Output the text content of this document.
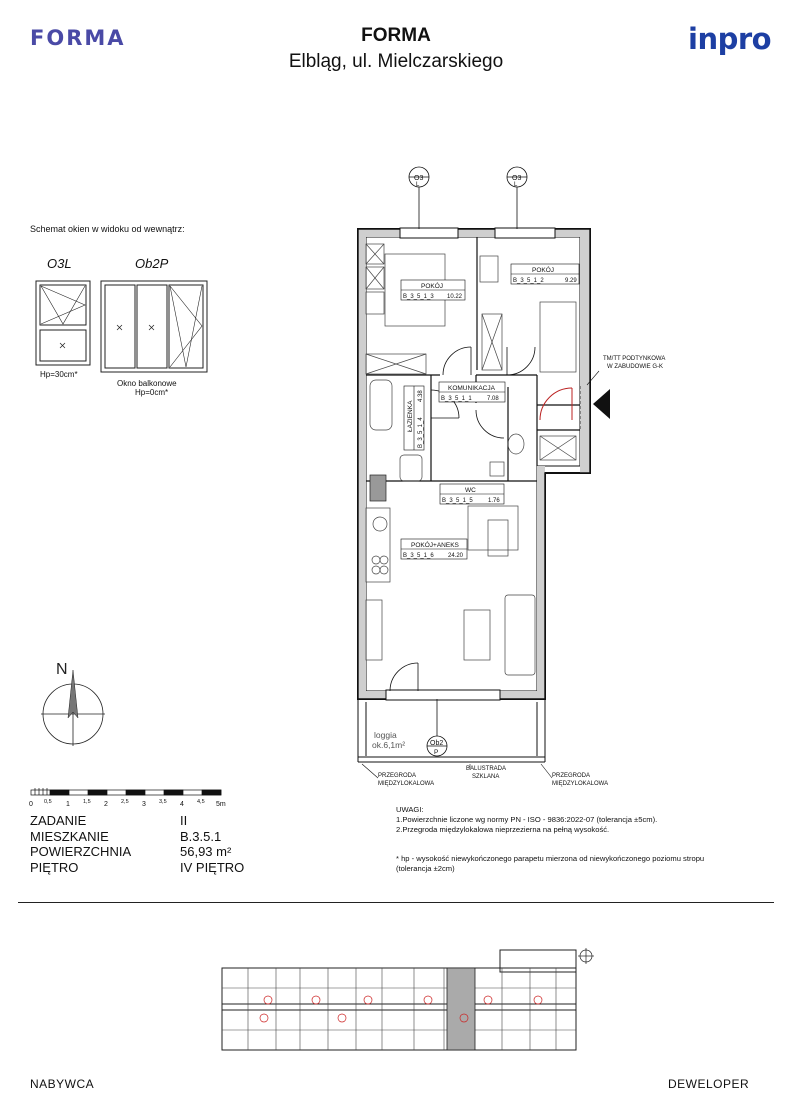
FORMA	inpro
FORMA
Elbląg, ul. Mielczarskiego
Schemat okien w widoku od wewnątrz:
O3L	Ob2P
Hp=30cm*
Okno balkonowe
Hp=0cm*
O3
L
O3
L
Ob2
P
POKÓJ
B_3_5_1_3 10.22
POKÓJ
B_3_5_1_2	9.29
KOMUNIKACJA
B_3_5_1_1	7.08
ŁAZIENKA
B_3_5_1_4
4.38
WC
B_3_5_1_5	1.76
POKÓJ+ANEKS
B_3_5_1_6 24.20
TM/TT PODTYNKOWA
W ZABUDOWIE G-K
loggia
ok.6,1m²
PRZEGRODA
MIĘDZYLOKALOWA
BALUSTRADA
SZKLANA	PRZEGRODA
MIĘDZYLOKALOWA
N
0 0,5 1 1,5 2 2,5 3 3,5 4 4,5 5m
ZADANIE	II
MIESZKANIE	B.3.5.1
POWIERZCHNIA	56,93 m²
PIĘTRO	IV PIĘTRO
UWAGI:
1.Powierzchnie liczone wg normy PN - ISO - 9836:2022-07 (tolerancja ±5cm).
2.Przegroda międzylokalowa nieprzezierna na pełną wysokość.
* hp - wysokość niewykończonego parapetu mierzona od niewykończonego poziomu stropu
(tolerancja ±2cm)
NABYWCA	DEWELOPER
